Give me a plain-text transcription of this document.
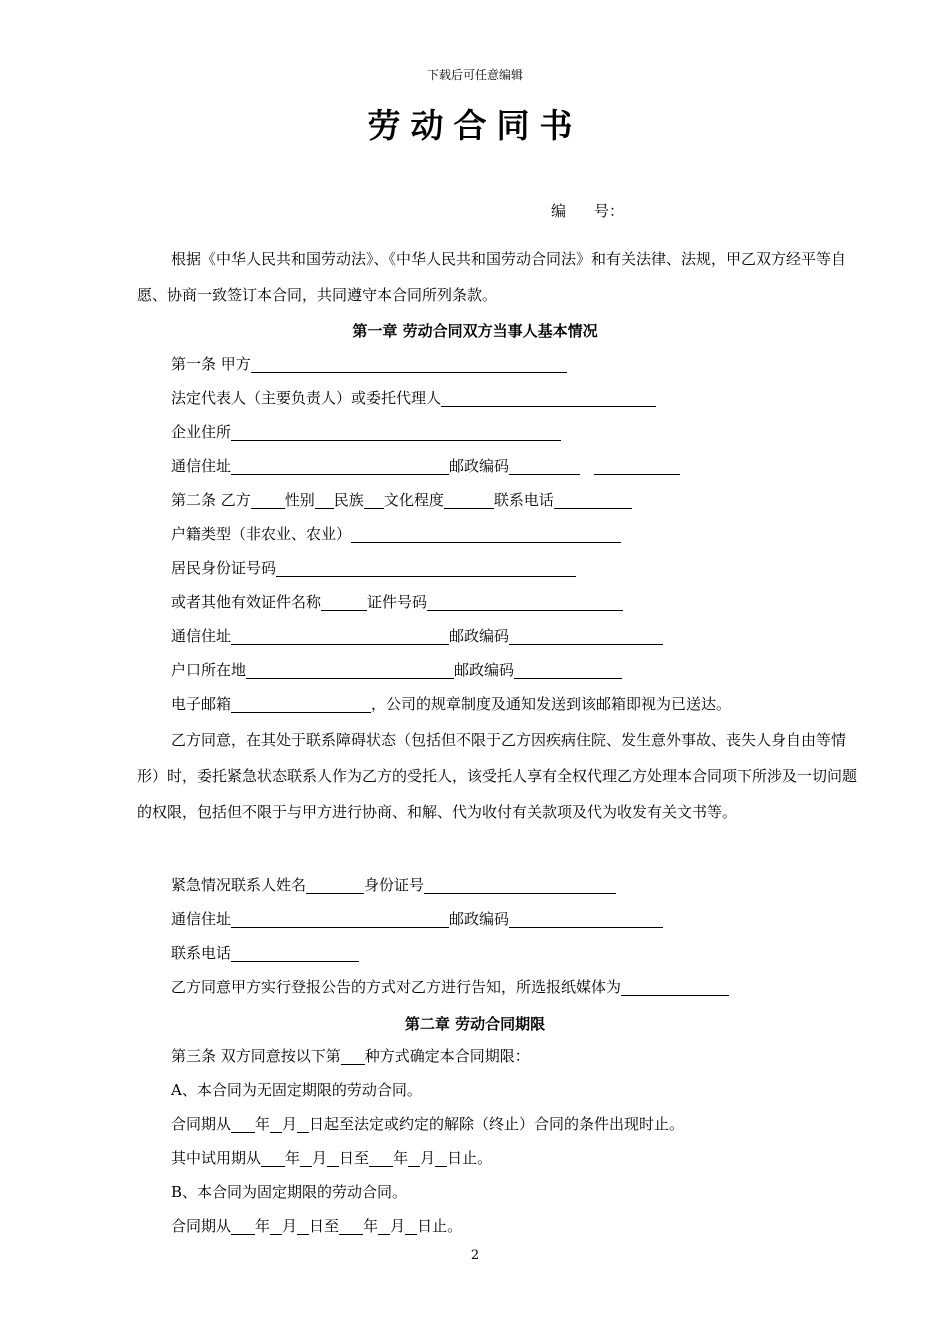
下载后可任意编辑
劳动合同书
编 号：
根据《中华人民共和国劳动法》、《中华人民共和国劳动合同法》和有关法律、法规，甲乙双方经平等自愿、协商一致签订本合同，共同遵守本合同所列条款。
第一章 劳动合同双方当事人基本情况
第一条 甲方
法定代表人（主要负责人）或委托代理人
企业住所
通信住址	邮政编码
第二条 乙方 性别 民族 文化程度	联系电话
户籍类型（非农业、农业）
居民身份证号码
或者其他有效证件名称	证件号码
通信住址	邮政编码
户口所在地	邮政编码
电子邮箱	，公司的规章制度及通知发送到该邮箱即视为已送达。
乙方同意，在其处于联系障碍状态（包括但不限于乙方因疾病住院、发生意外事故、丧失人身自由等情形）时，委托紧急状态联系人作为乙方的受托人，该受托人享有全权代理乙方处理本合同项下所涉及一切问题的权限，包括但不限于与甲方进行协商、和解、代为收付有关款项及代为收发有关文书等。
紧急情况联系人姓名	身份证号
通信住址	邮政编码
联系电话
乙方同意甲方实行登报公告的方式对乙方进行告知，所选报纸媒体为
第二章 劳动合同期限
第三条 双方同意按以下第 种方式确定本合同期限：
A、本合同为无固定期限的劳动合同。
合同期从 年 月 日起至法定或约定的解除（终止）合同的条件出现时止。
其中试用期从 年 月 日至 年 月 日止。
B、本合同为固定期限的劳动合同。
合同期从 年 月 日至 年 月 日止。
2
